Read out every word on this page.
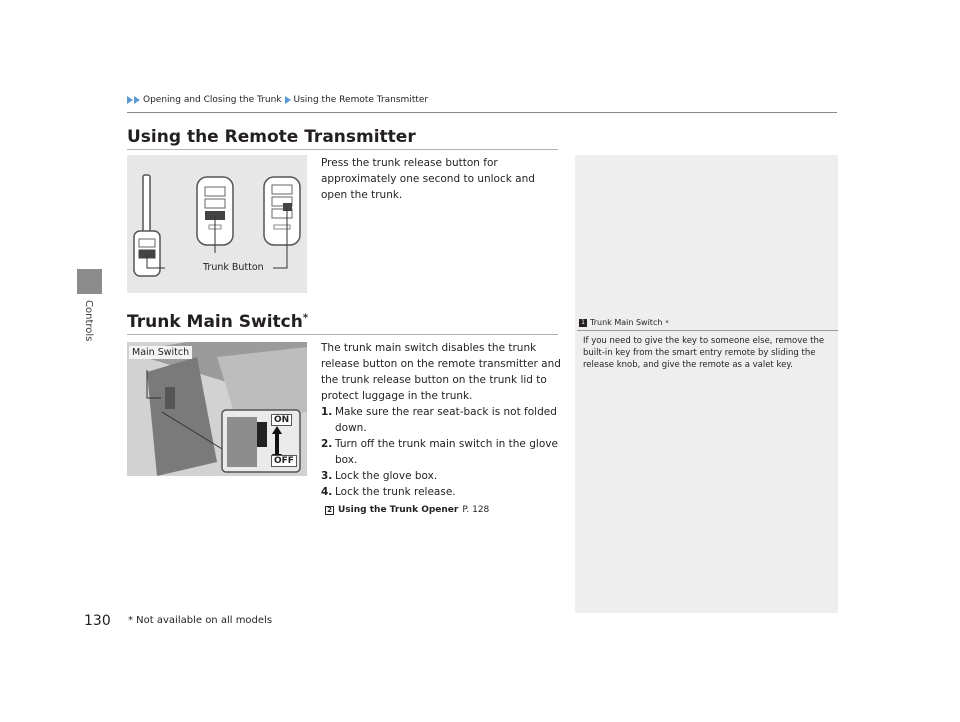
Controls
Opening and Closing the Trunk Using the Remote Transmitter
Using the Remote Transmitter
Trunk Button
Press the trunk release button for approximately one second to unlock and open the trunk.
Trunk Main Switch*
Main Switch
ON
OFF
The trunk main switch disables the trunk release button on the remote transmitter and the trunk release button on the trunk lid to protect luggage in the trunk.
1. Make sure the rear seat-back is not folded down.
2. Turn off the trunk main switch in the glove box.
3. Lock the glove box.
4. Lock the trunk release.
2 Using the Trunk Opener P. 128
1 Trunk Main Switch *
If you need to give the key to someone else, remove the built-in key from the smart entry remote by sliding the release knob, and give the remote as a valet key.
130 * Not available on all models
